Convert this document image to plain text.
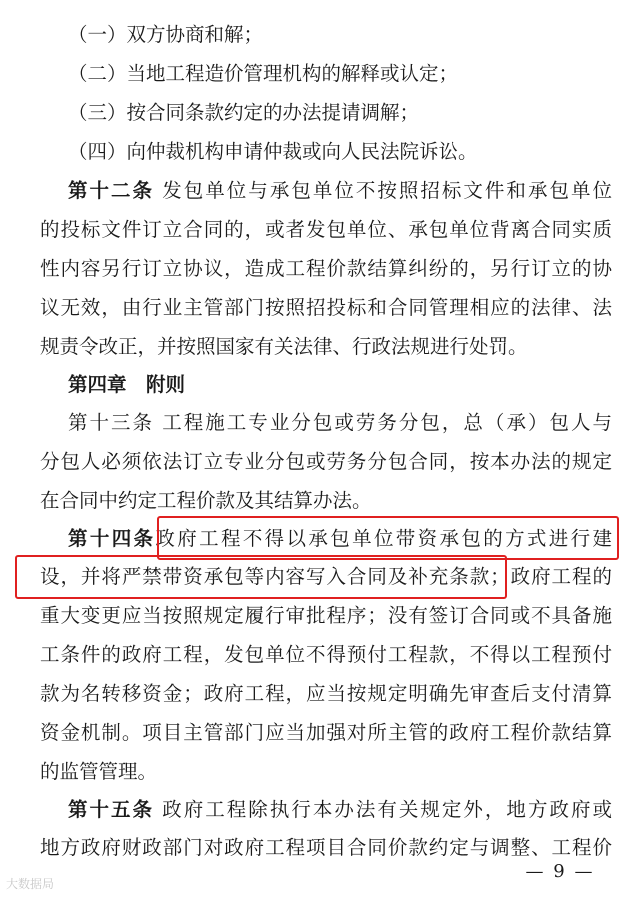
（一）双方协商和解；
（二）当地工程造价管理机构的解释或认定；
（三）按合同条款约定的办法提请调解；
（四）向仲裁机构申请仲裁或向人民法院诉讼。
第十二条 发包单位与承包单位不按照招标文件和承包单位
的投标文件订立合同的，或者发包单位、承包单位背离合同实质
性内容另行订立协议，造成工程价款结算纠纷的，另行订立的协
议无效，由行业主管部门按照招投标和合同管理相应的法律、法
规责令改正，并按照国家有关法律、行政法规进行处罚。
第四章　附则
第十三条 工程施工专业分包或劳务分包，总（承）包人与
分包人必须依法订立专业分包或劳务分包合同，按本办法的规定
在合同中约定工程价款及其结算办法。
第十四条政府工程不得以承包单位带资承包的方式进行建
设，并将严禁带资承包等内容写入合同及补充条款；政府工程的
重大变更应当按照规定履行审批程序；没有签订合同或不具备施
工条件的政府工程，发包单位不得预付工程款，不得以工程预付
款为名转移资金；政府工程，应当按规定明确先审查后支付清算
资金机制。项目主管部门应当加强对所主管的政府工程价款结算
的监管管理。
第十五条 政府工程除执行本办法有关规定外，地方政府或
地方政府财政部门对政府工程项目合同价款约定与调整、工程价
— 9 —
大数据局
